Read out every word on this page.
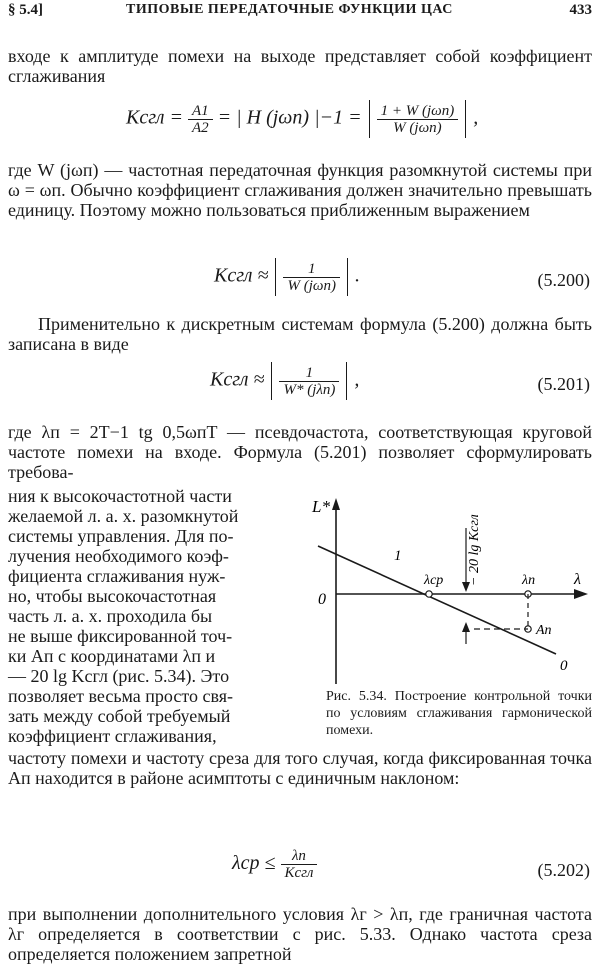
§ 5.4]	ТИПОВЫЕ ПЕРЕДАТОЧНЫЕ ФУНКЦИИ ЦАС	433
входе к амплитуде помехи на выходе представляет собой коэффициент сглаживания
Kсгл = $\frac{A1}{A2}$ = | H (jωп) $|-1 = \frac{\text{1 + W (jωп)}}{\text{W (jωп)}}$ ,
где W (jωп) — частотная передаточная функция разомкнутой системы при ω = ωп. Обычно коэффициент сглаживания должен значительно превышать единицу. Поэтому можно пользоваться приближенным выражением
Kсгл ≈ $\frac{1}{\text{W (jωп)}}$ .	(5.200)
Применительно к дискретным системам формула (5.200) должна быть записана в виде
Kсгл ≈ $\frac{1}{\text{W* (jλп)}}$ ,	(5.201)
где λп = 2T−1 tg 0,5ωпT — псевдочастота, соответствующая круговой частоте помехи на входе. Формула (5.201) позволяет сформулировать требова-
ния к высокочастотной части
желаемой л. а. х. разомкнутой
системы управления. Для по-
лучения необходимого коэф-
фициента сглаживания нуж-
но, чтобы высокочастотная
часть л. а. х. проходила бы
не выше фиксированной точ-
ки Aп с координатами λп и
— 20 lg Kсгл (рис. 5.34). Это
позволяет весьма просто свя-
зать между собой требуемый
коэффициент сглаживания,
L*
λ
0
1
λср	λп
Aп
0
− 20 lg Kсгл
Рис. 5.34. Построение контрольной точки по условиям сглаживания гармонической помехи.
частоту помехи и частоту среза для того случая, когда фиксированная точка Aп находится в районе асимптоты с единичным наклоном:
$\lambda ср \le \frac{\lambda п}{\text{Kсгл}}$	(5.202)
при выполнении дополнительного условия λг > λп, где граничная частота λг определяется в соответствии с рис. 5.33. Однако частота среза определяется положением запретной
